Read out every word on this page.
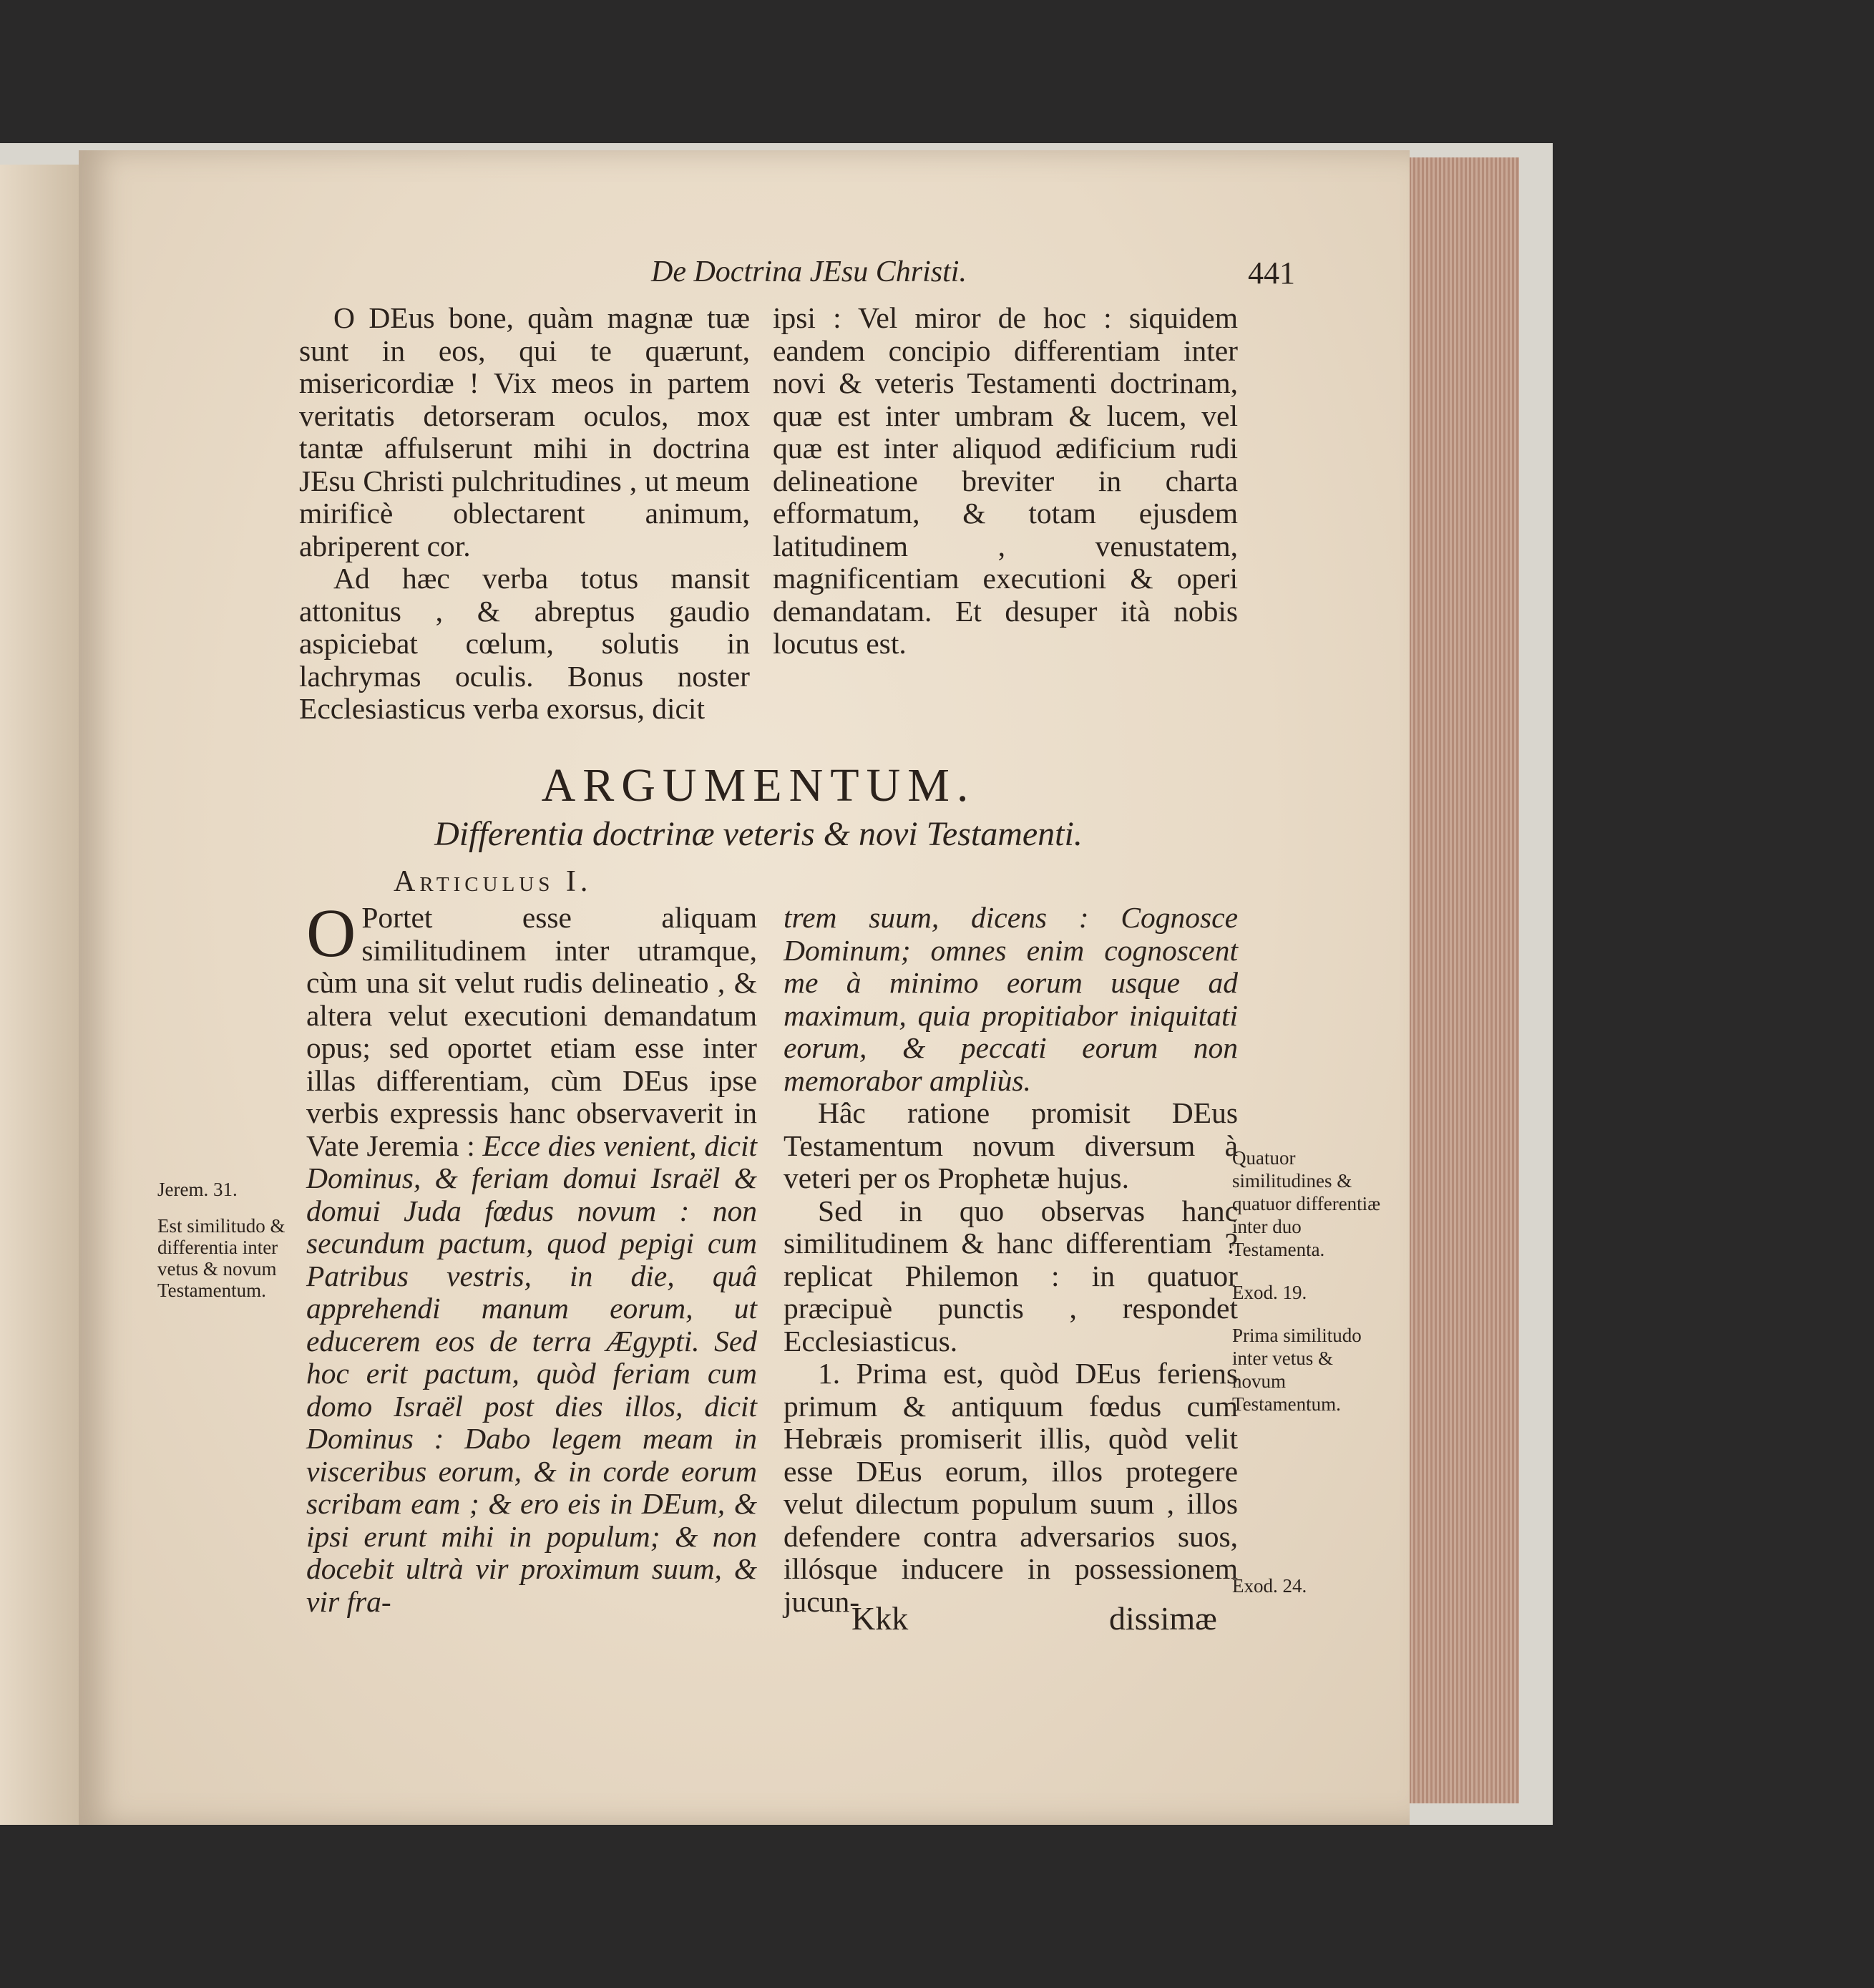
De Doctrina JEsu Christi.	441

O DEus bone, quàm magnæ tuæ sunt in eos, qui te quærunt, misericordiæ ! Vix meos in partem veritatis detorseram oculos, mox tantæ affulserunt mihi in doctrina JEsu Christi pulchritudines , ut meum mirificè oblectarent animum, abriperent cor.

Ad hæc verba totus mansit attonitus , & abreptus gaudio aspiciebat cœlum, solutis in lachrymas oculis. Bonus noster Ecclesiasticus verba exorsus, dicit

ipsi : Vel miror de hoc : siquidem eandem concipio differentiam inter novi & veteris Testamenti doctrinam, quæ est inter umbram & lucem, vel quæ est inter aliquod ædificium rudi delineatione breviter in charta efformatum, & totam ejusdem latitudinem , venustatem, magnificentiam executioni & operi demandatam. Et desuper ità nobis locutus est.

ARGUMENTUM.
Differentia doctrinæ veteris & novi Testamenti.
Articulus I.

O Portet esse aliquam similitudinem inter utramque, cùm una sit velut rudis delineatio , & altera velut executioni demandatum opus; sed oportet etiam esse inter illas differentiam, cùm DEus ipse verbis expressis hanc observaverit in Vate Jeremia : Ecce dies venient, dicit Dominus, & feriam domui Israël & domui Juda fœdus novum : non secundum pactum, quod pepigi cum Patribus vestris, in die, quâ apprehendi manum eorum, ut educerem eos de terra Ægypti. Sed hoc erit pactum, quòd feriam cum domo Israël post dies illos, dicit Dominus : Dabo legem meam in visceribus eorum, & in corde eorum scribam eam ; & ero eis in DEum, & ipsi erunt mihi in populum; & non docebit ultrà vir proximum suum, & vir fra-

trem suum, dicens : Cognosce Dominum; omnes enim cognoscent me à minimo eorum usque ad maximum, quia propitiabor iniquitati eorum, & peccati eorum non memorabor ampliùs.

Hâc ratione promisit DEus Testamentum novum diversum à veteri per os Prophetæ hujus.

Sed in quo observas hanc similitudinem & hanc differentiam ? replicat Philemon : in quatuor præcipuè punctis , respondet Ecclesiasticus.

1. Prima est, quòd DEus feriens primum & antiquum fœdus cum Hebræis promiserit illis, quòd velit esse DEus eorum, illos protegere velut dilectum populum suum , illos defendere contra adversarios suos, illósque inducere in possessionem jucun-

Jerem. 31.
Est similitudo & differentia inter vetus & novum Testamentum.
Quatuor similitudines & quatuor differentiæ inter duo Testamenta.
Exod. 19.
Prima similitudo inter vetus & novum Testamentum.
Exod. 24.
Kkk	dissimæ
